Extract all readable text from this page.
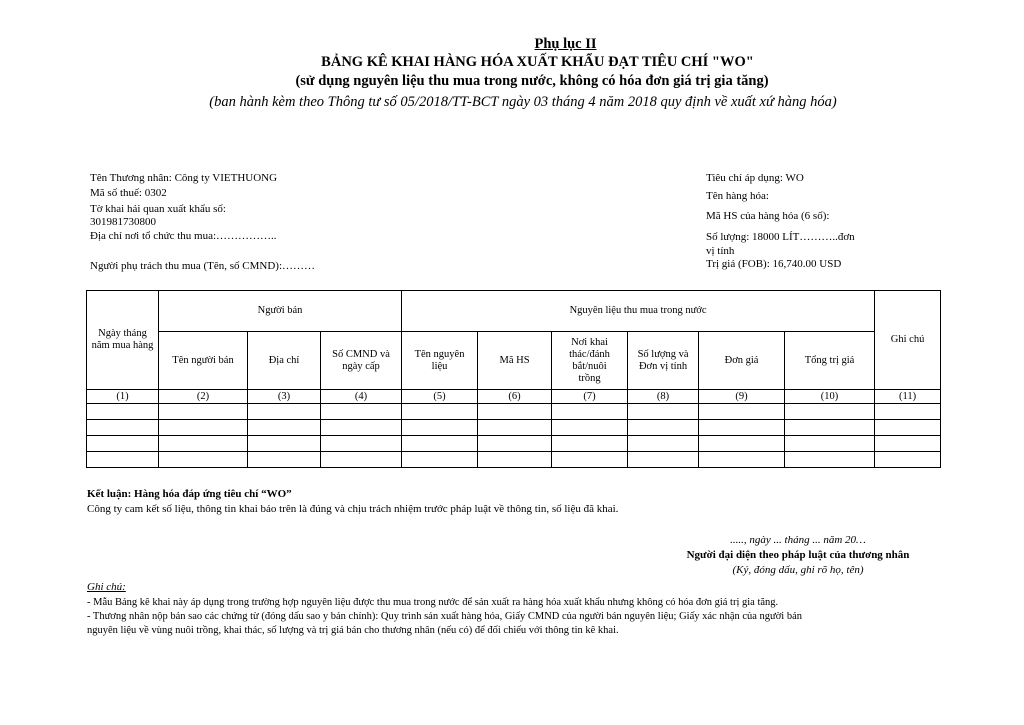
Phụ lục II
BẢNG KÊ KHAI HÀNG HÓA XUẤT KHẨU ĐẠT TIÊU CHÍ "WO"
(sử dụng nguyên liệu thu mua trong nước, không có hóa đơn giá trị gia tăng)
(ban hành kèm theo Thông tư số 05/2018/TT-BCT ngày 03 tháng 4 năm 2018 quy định về xuất xứ hàng hóa)
Tên Thương nhân: Công ty VIETHUONG
Mã số thuế: 0302
Tờ khai hải quan xuất khẩu số:
301981730800
Địa chỉ nơi tổ chức thu mua:……………..
Người phụ trách thu mua (Tên, số CMND):………
Tiêu chí áp dụng: WO
Tên hàng hóa:
Mã HS của hàng hóa (6 số):
Số lượng: 18000 LÍT………..đơn
vị tính
Trị giá (FOB): 16,740.00 USD
Ngày tháng năm mua hàng	Người bán			Nguyên liệu thu mua trong nước						Ghi chú
	Tên người bán	Địa chỉ	Số CMND và ngày cấp	Tên nguyên liệu	Mã HS	Nơi khai thác/đánh bắt/nuôi trồng	Số lượng và Đơn vị tính	Đơn giá	Tổng trị giá	
(1)	(2)	(3)	(4)	(5)	(6)	(7)	(8)	(9)	(10)	(11)

Kết luận: Hàng hóa đáp ứng tiêu chí “WO”
Công ty cam kết số liệu, thông tin khai báo trên là đúng và chịu trách nhiệm trước pháp luật về thông tin, số liệu đã khai.
....., ngày ... tháng ... năm 20…
Người đại diện theo pháp luật của thương nhân
(Ký, đóng dấu, ghi rõ họ, tên)
Ghi chú:
- Mẫu Bảng kê khai này áp dụng trong trường hợp nguyên liệu được thu mua trong nước để sản xuất ra hàng hóa xuất khẩu nhưng không có hóa đơn giá trị gia tăng.
- Thương nhân nộp bản sao các chứng từ (đóng dấu sao y bản chính): Quy trình sản xuất hàng hóa, Giấy CMND của người bán nguyên liệu; Giấy xác nhận của người bán
nguyên liệu về vùng nuôi trồng, khai thác, số lượng và trị giá bán cho thương nhân (nếu có) để đối chiếu với thông tin kê khai.
